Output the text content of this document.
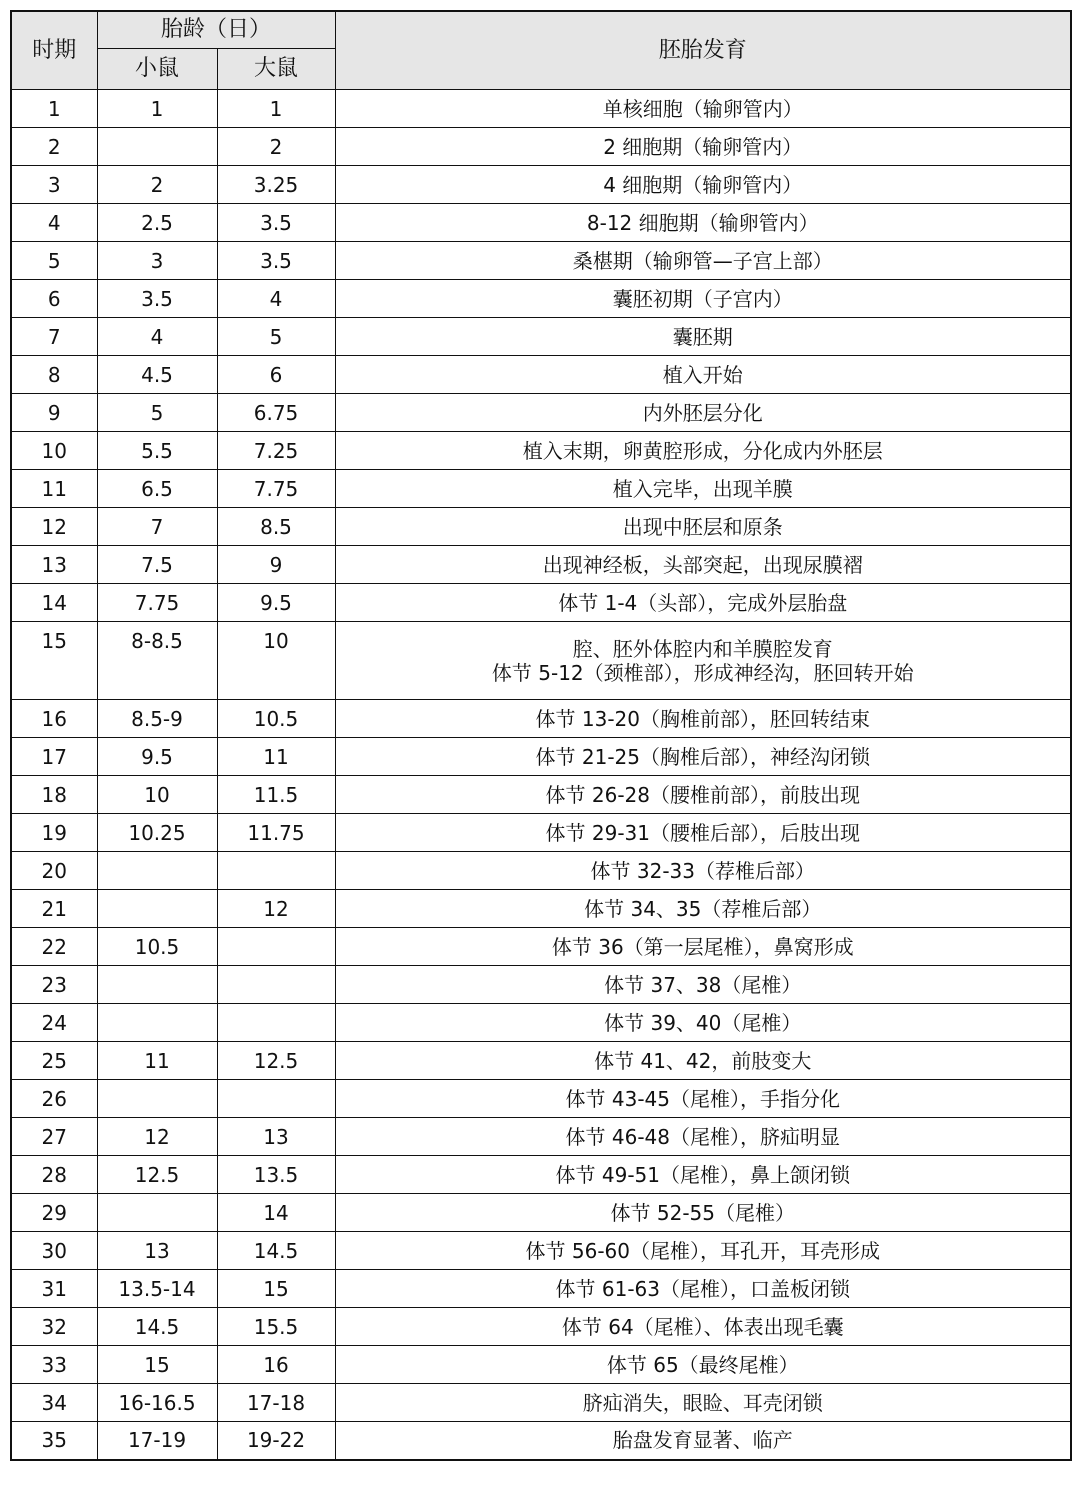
时期	胎龄（日）		胚胎发育
	小鼠	大鼠	
1	1	1	单核细胞（输卵管内）

2		2	2 细胞期（输卵管内）

3	2	3.25	4 细胞期（输卵管内）

4	2.5	3.5	8-12 细胞期（输卵管内）

5	3	3.5	桑椹期（输卵管—子宫上部）

6	3.5	4	囊胚初期（子宫内）

7	4	5	囊胚期

8	4.5	6	植入开始

9	5	6.75	内外胚层分化

10	5.5	7.25	植入末期，卵黄腔形成，分化成内外胚层

11	6.5	7.75	植入完毕，出现羊膜

12	7	8.5	出现中胚层和原条

13	7.5	9	出现神经板，头部突起，出现尿膜褶

14	7.75	9.5	体节 1-4（头部），完成外层胎盘

15	8-8.5	10	腔、胚外体腔内和羊膜腔发育
体节 5-12（颈椎部），形成神经沟，胚回转开始

16	8.5-9	10.5	体节 13-20（胸椎前部），胚回转结束

17	9.5	11	体节 21-25（胸椎后部），神经沟闭锁

18	10	11.5	体节 26-28（腰椎前部），前肢出现

19	10.25	11.75	体节 29-31（腰椎后部），后肢出现

20			体节 32-33（荐椎后部）

21		12	体节 34、35（荐椎后部）

22	10.5		体节 36（第一层尾椎），鼻窝形成

23			体节 37、38（尾椎）

24			体节 39、40（尾椎）

25	11	12.5	体节 41、42，前肢变大

26			体节 43-45（尾椎），手指分化

27	12	13	体节 46-48（尾椎），脐疝明显

28	12.5	13.5	体节 49-51（尾椎），鼻上颌闭锁

29		14	体节 52-55（尾椎）

30	13	14.5	体节 56-60（尾椎），耳孔开，耳壳形成

31	13.5-14	15	体节 61-63（尾椎），口盖板闭锁

32	14.5	15.5	体节 64（尾椎）、体表出现毛囊

33	15	16	体节 65（最终尾椎）

34	16-16.5	17-18	脐疝消失，眼睑、耳壳闭锁

35	17-19	19-22	胎盘发育显著、临产
